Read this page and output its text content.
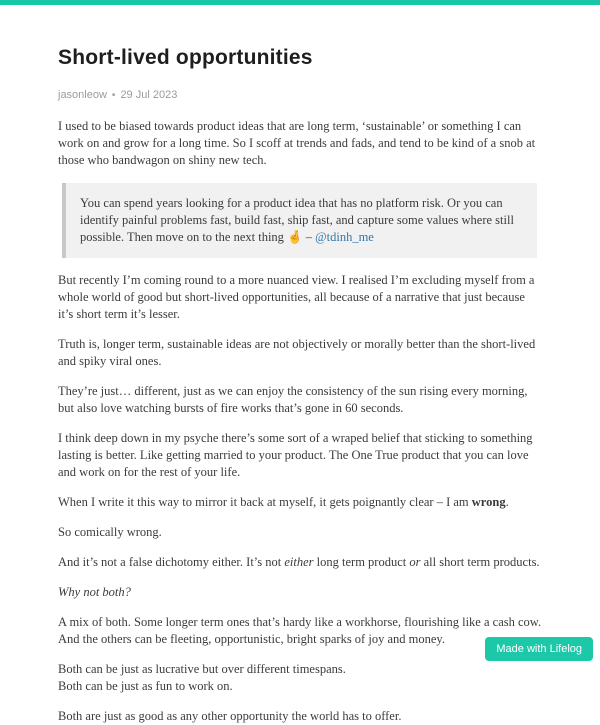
Short-lived opportunities
jasonleow • 29 Jul 2023

I used to be biased towards product ideas that are long term, ‘sustainable’ or something I can work on and grow for a long time. So I scoff at trends and fads, and tend to be kind of a snob at those who bandwagon on shiny new tech.

You can spend years looking for a product idea that has no platform risk. Or you can identify painful problems fast, build fast, ship fast, and capture some values where still possible. Then move on to the next thing 🤞 – @tdinh_me

But recently I’m coming round to a more nuanced view. I realised I’m excluding myself from a whole world of good but short-lived opportunities, all because of a narrative that just because it’s short term it’s lesser.

Truth is, longer term, sustainable ideas are not objectively or morally better than the short-lived and spiky viral ones.

They’re just… different, just as we can enjoy the consistency of the sun rising every morning, but also love watching bursts of fire works that’s gone in 60 seconds.

I think deep down in my psyche there’s some sort of a wraped belief that sticking to something lasting is better. Like getting married to your product. The One True product that you can love and work on for the rest of your life.

When I write it this way to mirror it back at myself, it gets poignantly clear – I am wrong.

So comically wrong.

And it’s not a false dichotomy either. It’s not either long term product or all short term products.

Why not both?

A mix of both. Some longer term ones that’s hardy like a workhorse, flourishing like a cash cow. And the others can be fleeting, opportunistic, bright sparks of joy and money.

Both can be just as lucrative but over different timespans.
Both can be just as fun to work on.

Both are just as good as any other opportunity the world has to offer.

Made with Lifelog
